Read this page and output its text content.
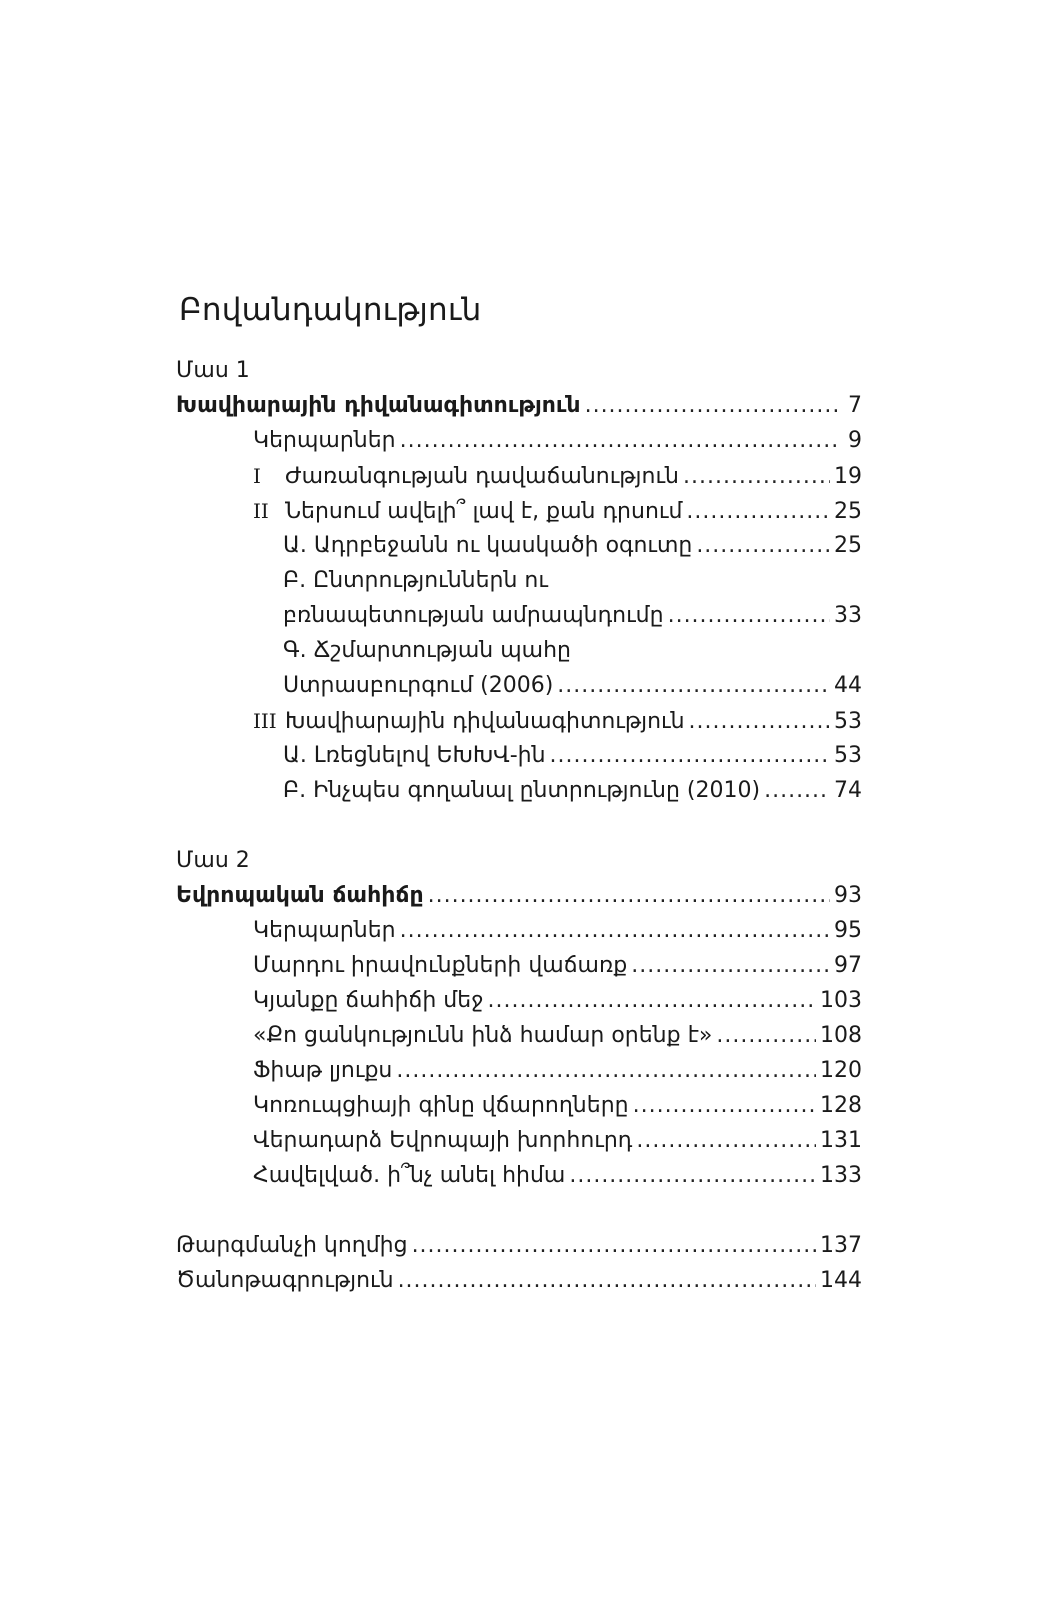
Բովանդակություն
Մաս 1
Խավիարային դիվանագիտություն .....	7
Կերպարներ .....	9
I	Ժառանգության դավաճանություն .....	19
II Ներսում ավելի՞ լավ է, քան դրսում .....	25
Ա. Ադրբեջանն ու կասկածի օգուտը .....	25
Բ. Ընտրություններն ու
բռնապետության ամրապնդումը .....	33
Գ. Ճշմարտության պահը
Ստրասբուրգում (2006) .....	44
III Խավիարային դիվանագիտություն .....	53
Ա. Լռեցնելով ԵԽԽՎ-ին .....	53
Բ. Ինչպես գողանալ ընտրությունը (2010) .....	74
Մաս 2
Եվրոպական ճահիճը .....	93
Կերպարներ .....	95
Մարդու իրավունքների վաճառք .....	97
Կյանքը ճահիճի մեջ .....	103
«Քո ցանկությունն ինձ համար օրենք է» .....	108
Ֆիաթ լյուքս .....	120
Կոռուպցիայի գինը վճարողները .....	128
Վերադարձ Եվրոպայի խորհուրդ .....	131
Հավելված. ի՞նչ անել հիմա .....	133
Թարգմանչի կողմից .....	137
Ծանոթագրություն .....	144
